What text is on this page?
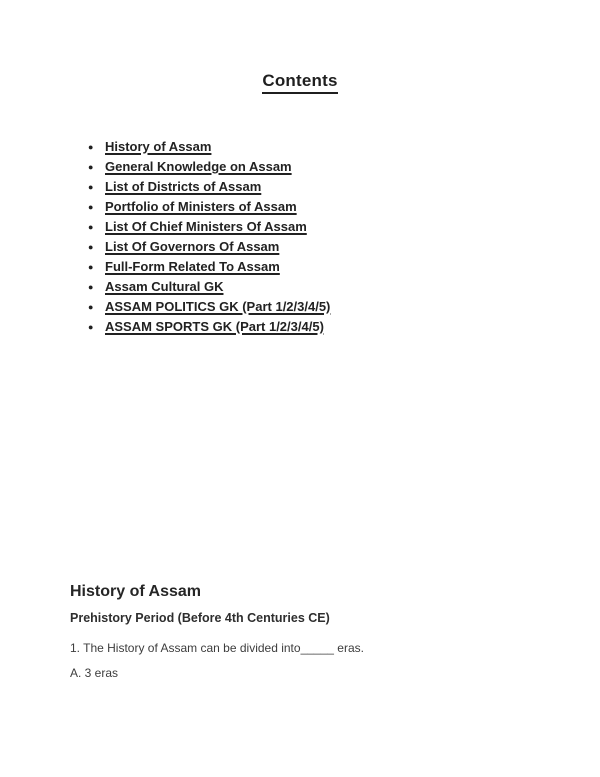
Contents
● History of Assam
● General Knowledge on Assam
● List of Districts of Assam
● Portfolio of Ministers of Assam
● List Of Chief Ministers Of Assam
● List Of Governors Of Assam
● Full-Form Related To Assam
● Assam Cultural GK
● ASSAM POLITICS GK (Part 1/2/3/4/5)
● ASSAM SPORTS GK (Part 1/2/3/4/5)
History of Assam
Prehistory Period (Before 4th Centuries CE)
1. The History of Assam can be divided into_____ eras.
A. 3 eras
